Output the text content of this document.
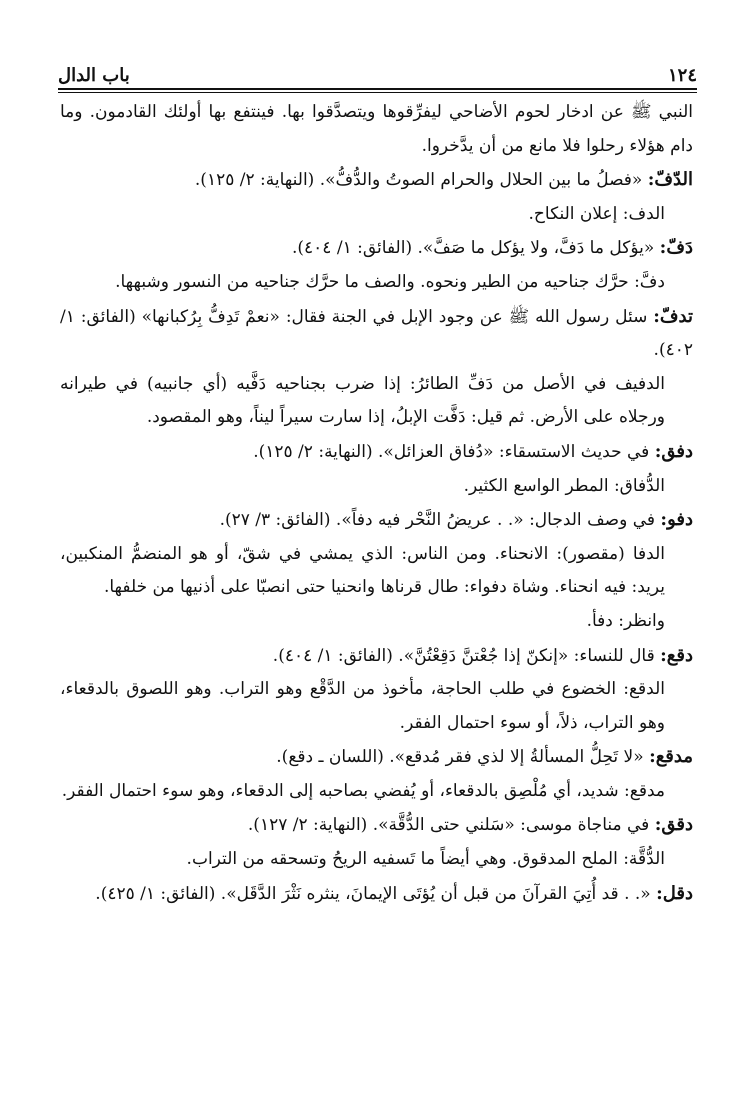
١٢٤
باب الدال

النبي ﷺ عن ادخار لحوم الأضاحي ليفرِّقوها ويتصدَّقوا بها. فينتفع بها أولئك القادمون. وما دام هؤلاء رحلوا فلا مانع من أن يدَّخروا.

الدّفّ: «فصلُ ما بين الحلال والحرام الصوتُ والدُّفُّ». (النهاية: ٢/ ١٢٥).

الدف: إعلان النكاح.

دَفّ: «يؤكل ما دَفَّ، ولا يؤكل ما صَفَّ». (الفائق: ١/ ٤٠٤).

دفَّ: حرَّك جناحيه من الطير ونحوه. والصف ما حرَّك جناحيه من النسور وشبهها.

تدفّ: سئل رسول الله ﷺ عن وجود الإبل في الجنة فقال: «نعمْ تَدِفُّ بِرُكبانها» (الفائق: ١/ ٤٠٢).

الدفيف في الأصل من دَفِّ الطائرُ: إذا ضرب بجناحيه دَفَّيه (أي جانبيه) في طيرانه ورجلاه على الأرض. ثم قيل: دَفَّت الإبلُ، إذا سارت سيراً ليناً، وهو المقصود.

دفق: في حديث الاستسقاء: «دُفاق العزائل». (النهاية: ٢/ ١٢٥).

الدُّفاق: المطر الواسع الكثير.

دفو: في وصف الدجال: «. . عريضُ النَّحْر فيه دفاً». (الفائق: ٣/ ٢٧).

الدفا (مقصور): الانحناء. ومن الناس: الذي يمشي في شقّ، أو هو المنضمُّ المنكبين، يريد: فيه انحناء. وشاة دفواء: طال قرناها وانحنيا حتى انصبّا على أذنيها من خلفها.

وانظر: دفأ.

دقع: قال للنساء: «إنكنّ إذا جُعْتنَّ دَقِعْتُنَّ». (الفائق: ١/ ٤٠٤).

الدقع: الخضوع في طلب الحاجة، مأخوذ من الدَّقْع وهو التراب. وهو اللصوق بالدقعاء، وهو التراب، ذلاً، أو سوء احتمال الفقر.

مدقع: «لا تَحِلُّ المسألةُ إلا لذي فقر مُدقع». (اللسان ـ دقع).

مدقع: شديد، أي مُلْصِق بالدقعاء، أو يُفضي بصاحبه إلى الدقعاء، وهو سوء احتمال الفقر.

دقق: في مناجاة موسى: «سَلني حتى الدُّقَّة». (النهاية: ٢/ ١٢٧).

الدُّقَّة: الملح المدقوق. وهي أيضاً ما تَسفيه الريحُ وتسحقه من التراب.

دقل: «. . قد أُتِيَ القرآنَ من قبل أن يُؤتَى الإيمانَ، ينثره نَثْرَ الدَّقَل». (الفائق: ١/ ٤٢٥).
